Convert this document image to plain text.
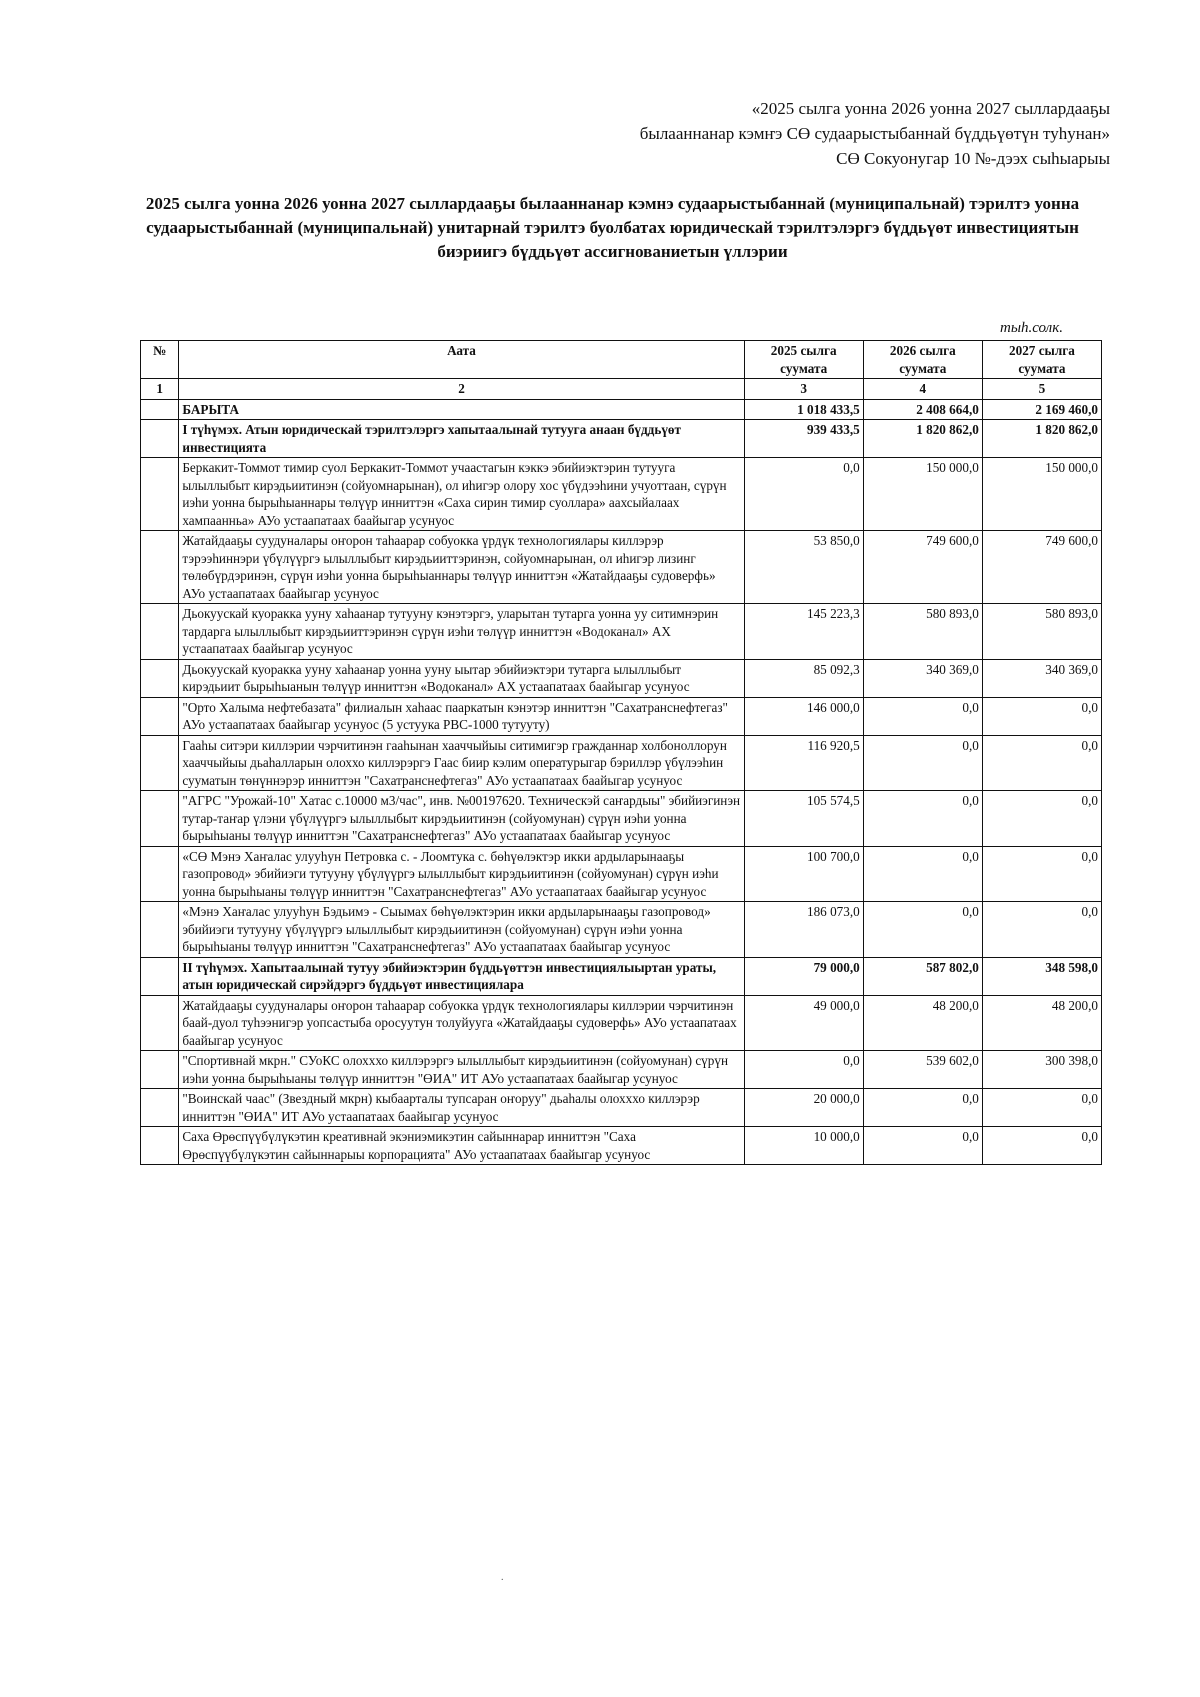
«2025 сылга уонна 2026 уонна 2027 сыллардааҕы
былааннанар кэмҥэ СӨ судаарыстыбаннай бүддьүөтүн туһунан»
СӨ Сокуонугар 10 №-дээх сыһыарыы
2025 сылга уонна 2026 уонна 2027 сыллардааҕы былааннанар кэмнэ судаарыстыбаннай (муниципальнай) тэрилтэ уонна судаарыстыбаннай (муниципальнай) унитарнай тэрилтэ буолбатах юридическай тэрилтэлэргэ бүддьүөт инвестициятын биэриигэ бүддьүөт ассигнованиетын үллэрии
тыһ.солк.
№	Аата	2025 сылга суумата	2026 сылга суумата	2027 сылга суумата
1	2	3	4	5
	БАРЫТА	1 018 433,5	2 408 664,0	2 169 460,0
	I түһүмэх. Атын юридическай тэрилтэлэргэ хапытаалынай тутууга анаан бүддьүөт инвестицията	939 433,5	1 820 862,0	1 820 862,0
	Беркакит-Томмот тимир суол Беркакит-Томмот учаастагын кэккэ эбийиэктэрин тутууга ылыллыбыт кирэдьиитинэн (сойуомнарынан), ол иһигэр олору хос үбүдээһини учуоттаан, сүрүн иэһи уонна бырыһыаннары төлүүр инниттэн «Саха сирин тимир суоллара» аахсыйалаах хампаанньа» АУо устаапатаах баайыгар усунуос	0,0	150 000,0	150 000,0
	Жатайдааҕы суудуналары оҥорон таһаарар собуокка үрдүк технологиялары киллэрэр тэрээһиннэри үбүлүүргэ ылыллыбыт кирэдьииттэринэн, сойуомнарынан, ол иһигэр лизинг төлөбүрдэринэн, сүрүн иэһи уонна бырыһыаннары төлүүр инниттэн «Жатайдааҕы судоверфь» АУо устаапатаах баайыгар усунуос	53 850,0	749 600,0	749 600,0
	Дьокуускай куоракка ууну хаһаанар тутууну кэнэтэргэ, уларытан тутарга уонна уу ситимнэрин тардарга ылыллыбыт кирэдьииттэринэн сүрүн иэһи төлүүр инниттэн «Водоканал» АХ устаапатаах баайыгар усунуос	145 223,3	580 893,0	580 893,0
	Дьокуускай куоракка ууну хаһаанар уонна ууну ыытар эбийиэктэри тутарга ылыллыбыт кирэдьиит бырыһыанын төлүүр инниттэн «Водоканал» АХ устаапатаах баайыгар усунуос	85 092,3	340 369,0	340 369,0
	"Орто Халыма нефтебазата" филиалын хаһаас пааркатын кэнэтэр инниттэн "Сахатранснефтегаз" АУо устаапатаах баайыгар усунуос (5 устуука РВС-1000 тутууту)	146 000,0	0,0	0,0
	Гааһы ситэри киллэрии чэрчитинэн гааһынан хааччыйыы ситимигэр гражданнар холбоноллорун хааччыйыы дьаһалларын олоххо киллэрэргэ Гаас биир кэлим опературыгар бэриллэр үбүлээһин сууматын төнүннэрэр инниттэн "Сахатранснефтегаз" АУо устаапатаах баайыгар усунуос	116 920,5	0,0	0,0
	"АГРС "Урожай-10" Хатас с.10000 м3/час", инв. №00197620. Техническэй саҥардыы" эбийиэгинэн тутар-таҥар үлэни үбүлүүргэ ылыллыбыт кирэдьиитинэн (сойуомунан) сүрүн иэһи уонна бырыһыаны төлүүр инниттэн "Сахатранснефтегаз" АУо устаапатаах баайыгар усунуос	105 574,5	0,0	0,0
	«СӨ Мэнэ Хаҥалас улууһун Петровка с. - Лоомтука с. бөһүөлэктэр икки ардыларынааҕы газопровод» эбийиэги тутууну үбүлүүргэ ылыллыбыт кирэдьиитинэн (сойуомунан) сүрүн иэһи уонна бырыһыаны төлүүр инниттэн "Сахатранснефтегаз" АУо устаапатаах баайыгар усунуос	100 700,0	0,0	0,0
	«Мэнэ Хаҥалас улууһун Бэдьимэ - Сыымах бөһүөлэктэрин икки ардыларынааҕы газопровод» эбийиэги тутууну үбүлүүргэ ылыллыбыт кирэдьиитинэн (сойуомунан) сүрүн иэһи уонна бырыһыаны төлүүр инниттэн "Сахатранснефтегаз" АУо устаапатаах баайыгар усунуос	186 073,0	0,0	0,0
	II түһүмэх. Хапытаалынай тутуу эбийиэктэрин бүддьүөттэн инвестициялыыртан ураты, атын юридическай сирэйдэргэ бүддьүөт инвестициялара	79 000,0	587 802,0	348 598,0
	Жатайдааҕы суудуналары оҥорон таһаарар собуокка үрдүк технологиялары киллэрии чэрчитинэн баай-дуол туһээнигэр уопсастыба оросуутун толуйууга «Жатайдааҕы судоверфь» АУо устаапатаах баайыгар усунуос	49 000,0	48 200,0	48 200,0
	"Спортивнай мкрн." СУоКС олохххо киллэрэргэ ылыллыбыт кирэдьиитинэн (сойуомунан) сүрүн иэһи уонна бырыһыаны төлүүр инниттэн "ӨИА" ИТ АУо устаапатаах баайыгар усунуос	0,0	539 602,0	300 398,0
	"Воинскай чаас" (Звездный мкрн) кыбаарталы тупсаран оҥоруу" дьаһалы олохххо киллэрэр инниттэн "ӨИА" ИТ АУо устаапатаах баайыгар усунуос	20 000,0	0,0	0,0
	Саха Өрөспүүбүлүкэтин креативнай экэниэмикэтин сайыннарар инниттэн "Саха Өрөспүүбүлүкэтин сайыннарыы корпорацията" АУо устаапатаах баайыгар усунуос	10 000,0	0,0	0,0
.
